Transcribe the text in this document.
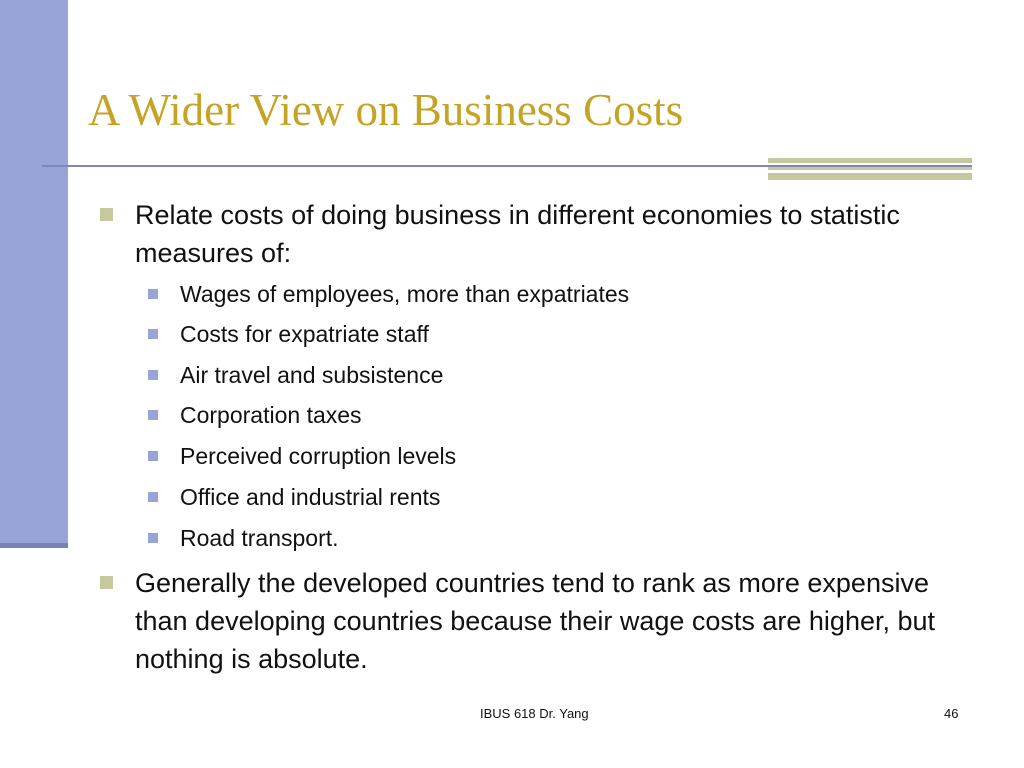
A Wider View on Business Costs
Relate costs of doing business in different economies to statistic measures of:
Wages of employees, more than expatriates
Costs for expatriate staff
Air travel and subsistence
Corporation taxes
Perceived corruption levels
Office and industrial rents
Road transport.
Generally the developed countries tend to rank as more expensive than developing countries because their wage costs are higher, but nothing is absolute.
IBUS 618 Dr. Yang	46
